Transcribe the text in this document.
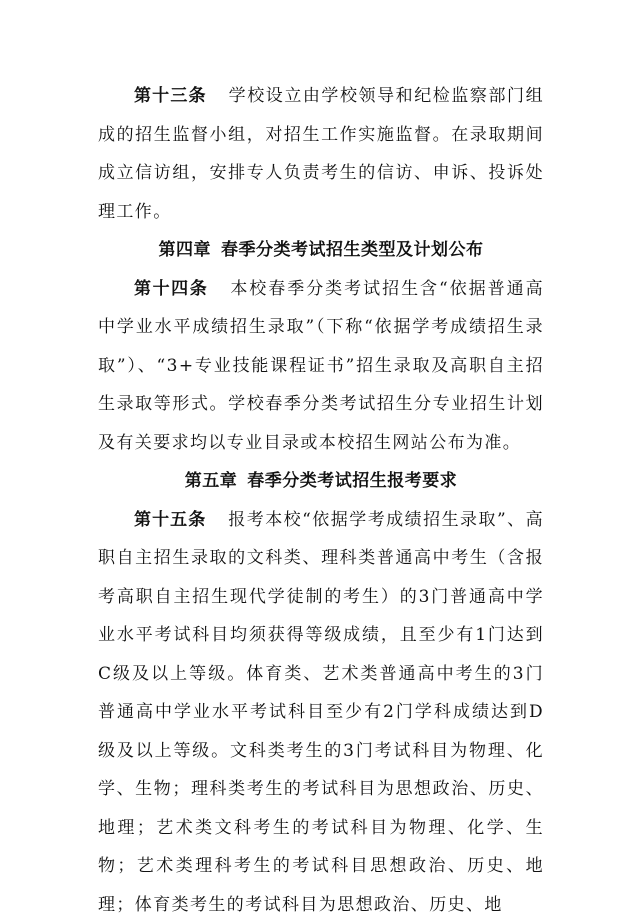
第十三条 学校设立由学校领导和纪检监察部门组成的招生监督小组，对招生工作实施监督。在录取期间成立信访组，安排专人负责考生的信访、申诉、投诉处理工作。

第四章 春季分类考试招生类型及计划公布

第十四条 本校春季分类考试招生含“依据普通高中学业水平成绩招生录取”（下称“依据学考成绩招生录取”）、“3+专业技能课程证书”招生录取及高职自主招生录取等形式。学校春季分类考试招生分专业招生计划及有关要求均以专业目录或本校招生网站公布为准。

第五章 春季分类考试招生报考要求

第十五条 报考本校“依据学考成绩招生录取”、高职自主招生录取的文科类、理科类普通高中考生（含报考高职自主招生现代学徒制的考生）的3门普通高中学业水平考试科目均须获得等级成绩，且至少有1门达到C级及以上等级。体育类、艺术类普通高中考生的3门普通高中学业水平考试科目至少有2门学科成绩达到D级及以上等级。文科类考生的3门考试科目为物理、化学、生物；理科类考生的考试科目为思想政治、历史、地理；艺术类文科考生的考试科目为物理、化学、生物；艺术类理科考生的考试科目思想政治、历史、地理；体育类考生的考试科目为思想政治、历史、地
